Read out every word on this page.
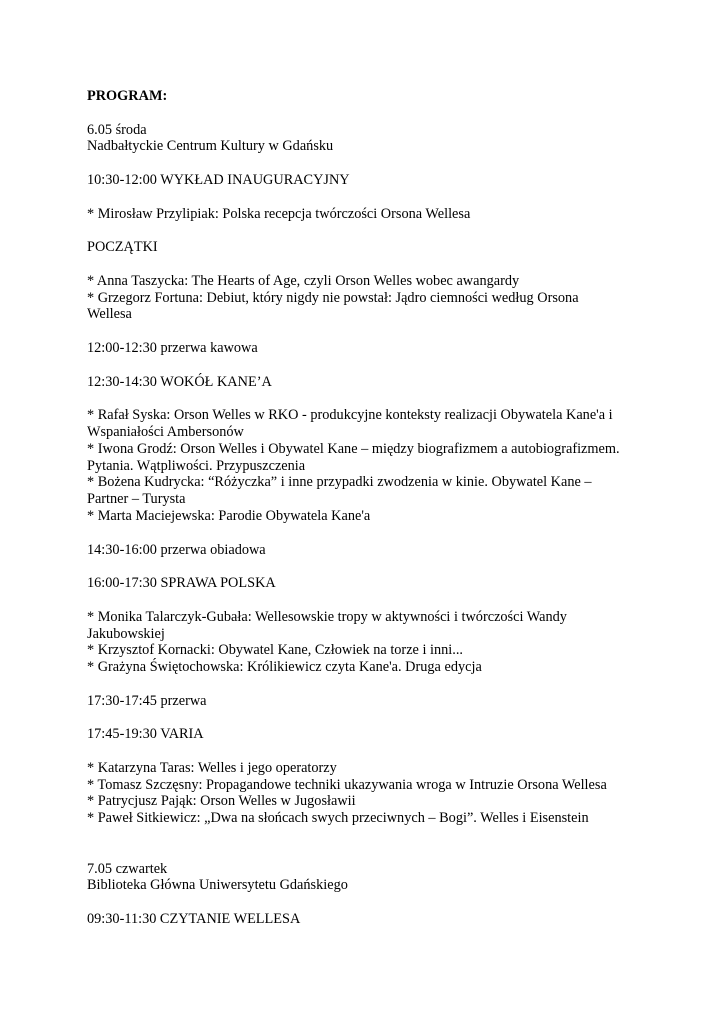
PROGRAM:
6.05 środa
Nadbałtyckie Centrum Kultury w Gdańsku
10:30-12:00 WYKŁAD INAUGURACYJNY
* Mirosław Przylipiak: Polska recepcja twórczości Orsona Wellesa
POCZĄTKI
* Anna Taszycka: The Hearts of Age, czyli Orson Welles wobec awangardy
* Grzegorz Fortuna: Debiut, który nigdy nie powstał: Jądro ciemności według Orsona
Wellesa
12:00-12:30 przerwa kawowa
12:30-14:30 WOKÓŁ KANE’A
* Rafał Syska: Orson Welles w RKO - produkcyjne konteksty realizacji Obywatela Kane'a i
Wspaniałości Ambersonów
* Iwona Grodź: Orson Welles i Obywatel Kane – między biografizmem a autobiografizmem.
Pytania. Wątpliwości. Przypuszczenia
* Bożena Kudrycka: “Różyczka” i inne przypadki zwodzenia w kinie. Obywatel Kane –
Partner – Turysta
* Marta Maciejewska: Parodie Obywatela Kane'a
14:30-16:00 przerwa obiadowa
16:00-17:30 SPRAWA POLSKA
* Monika Talarczyk-Gubała: Wellesowskie tropy w aktywności i twórczości Wandy
Jakubowskiej
* Krzysztof Kornacki: Obywatel Kane, Człowiek na torze i inni...
* Grażyna Świętochowska: Królikiewicz czyta Kane'a. Druga edycja
17:30-17:45 przerwa
17:45-19:30 VARIA
* Katarzyna Taras: Welles i jego operatorzy
* Tomasz Szczęsny: Propagandowe techniki ukazywania wroga w Intruzie Orsona Wellesa
* Patrycjusz Pająk: Orson Welles w Jugosławii
* Paweł Sitkiewicz: „Dwa na słońcach swych przeciwnych – Bogi”. Welles i Eisenstein
7.05 czwartek
Biblioteka Główna Uniwersytetu Gdańskiego
09:30-11:30 CZYTANIE WELLESA
